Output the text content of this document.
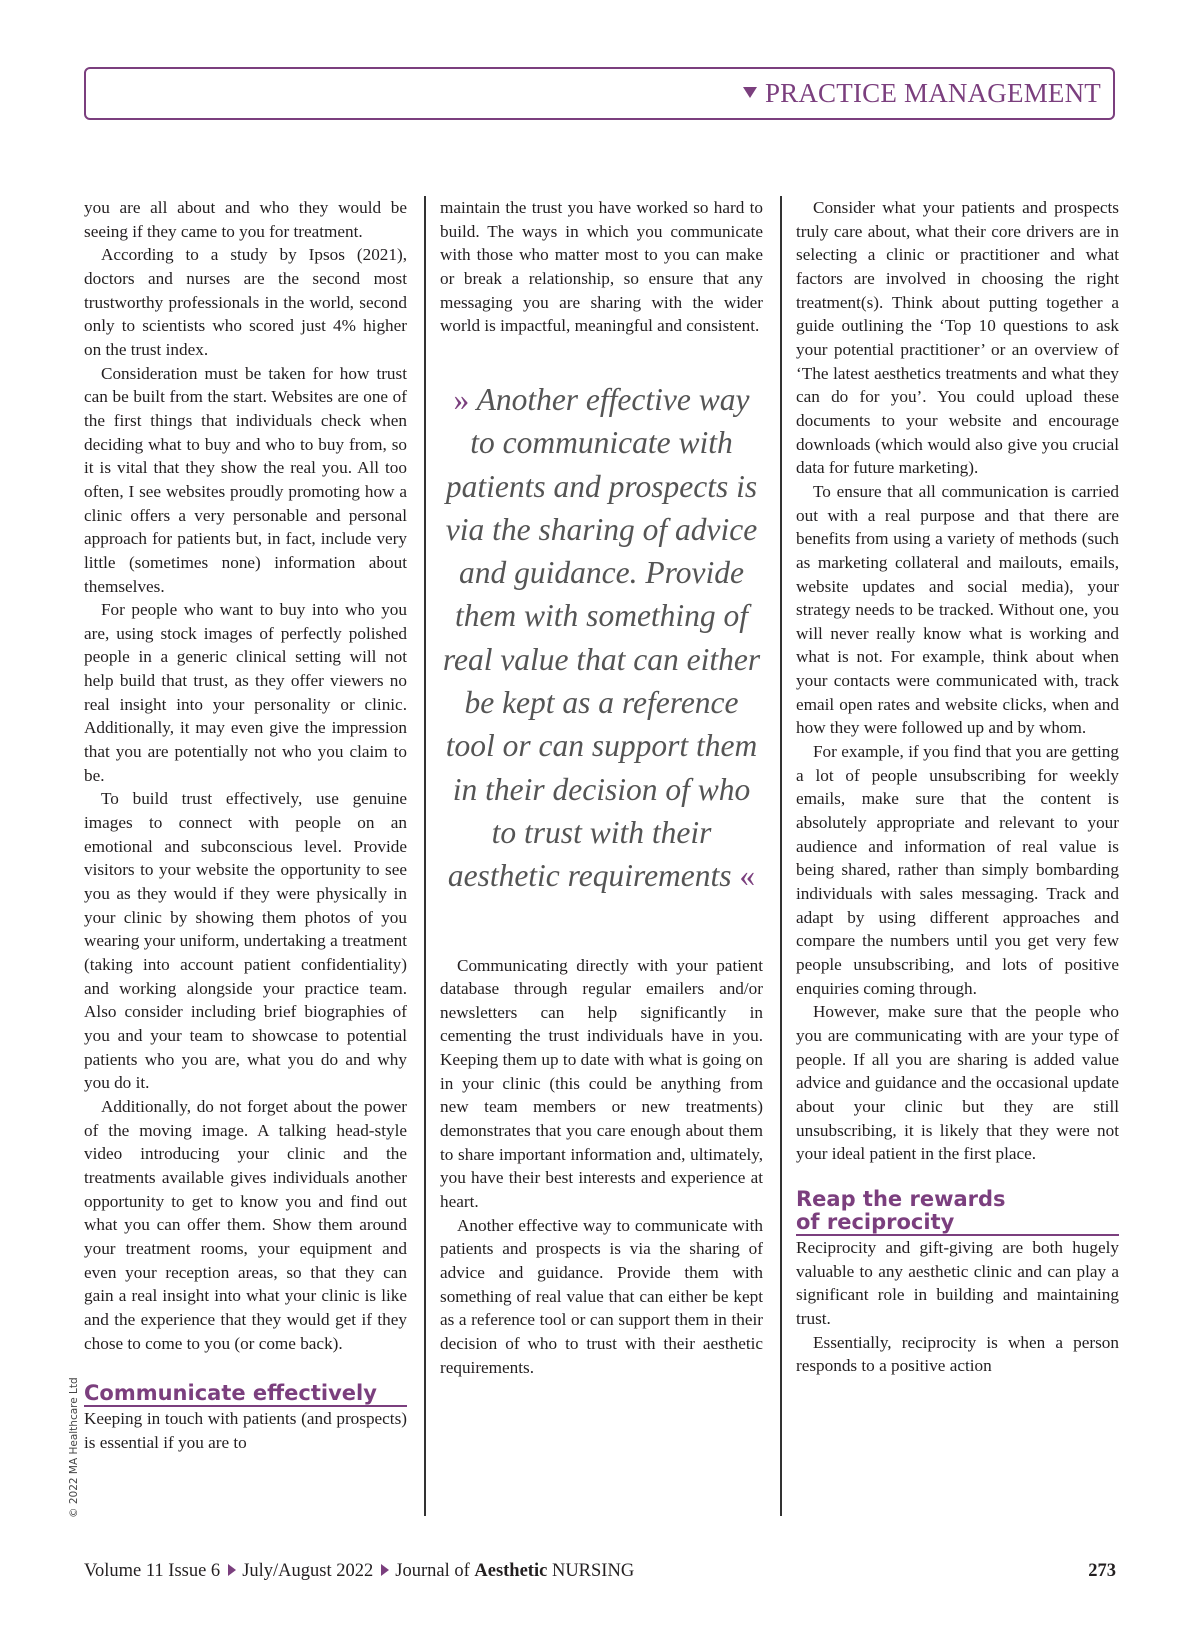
PRACTICE MANAGEMENT

you are all about and who they would be seeing if they came to you for treatment.

According to a study by Ipsos (2021), doctors and nurses are the second most trustworthy professionals in the world, second only to scientists who scored just 4% higher on the trust index.

Consideration must be taken for how trust can be built from the start. Websites are one of the first things that individuals check when deciding what to buy and who to buy from, so it is vital that they show the real you. All too often, I see websites proudly promoting how a clinic offers a very personable and personal approach for patients but, in fact, include very little (sometimes none) information about themselves.

For people who want to buy into who you are, using stock images of perfectly polished people in a generic clinical setting will not help build that trust, as they offer viewers no real insight into your personality or clinic. Additionally, it may even give the impression that you are potentially not who you claim to be.

To build trust effectively, use genuine images to connect with people on an emotional and subconscious level. Provide visitors to your website the opportunity to see you as they would if they were physically in your clinic by showing them photos of you wearing your uniform, undertaking a treatment (taking into account patient confidentiality) and working alongside your practice team. Also consider including brief biographies of you and your team to showcase to potential patients who you are, what you do and why you do it.

Additionally, do not forget about the power of the moving image. A talking head-style video introducing your clinic and the treatments available gives individuals another opportunity to get to know you and find out what you can offer them. Show them around your treatment rooms, your equipment and even your reception areas, so that they can gain a real insight into what your clinic is like and the experience that they would get if they chose to come to you (or come back).

Communicate effectively

Keeping in touch with patients (and prospects) is essential if you are to

maintain the trust you have worked so hard to build. The ways in which you communicate with those who matter most to you can make or break a relationship, so ensure that any messaging you are sharing with the wider world is impactful, meaningful and consistent.

» Another effective way to communicate with patients and prospects is via the sharing of advice and guidance. Provide them with something of real value that can either be kept as a reference tool or can support them in their decision of who to trust with their aesthetic requirements «

Communicating directly with your patient database through regular emailers and/or newsletters can help significantly in cementing the trust individuals have in you. Keeping them up to date with what is going on in your clinic (this could be anything from new team members or new treatments) demonstrates that you care enough about them to share important information and, ultimately, you have their best interests and experience at heart.

Another effective way to communicate with patients and prospects is via the sharing of advice and guidance. Provide them with something of real value that can either be kept as a reference tool or can support them in their decision of who to trust with their aesthetic requirements.

Consider what your patients and prospects truly care about, what their core drivers are in selecting a clinic or practitioner and what factors are involved in choosing the right treatment(s). Think about putting together a guide outlining the ‘Top 10 questions to ask your potential practitioner’ or an overview of ‘The latest aesthetics treatments and what they can do for you’. You could upload these documents to your website and encourage downloads (which would also give you crucial data for future marketing).

To ensure that all communication is carried out with a real purpose and that there are benefits from using a variety of methods (such as marketing collateral and mailouts, emails, website updates and social media), your strategy needs to be tracked. Without one, you will never really know what is working and what is not. For example, think about when your contacts were communicated with, track email open rates and website clicks, when and how they were followed up and by whom.

For example, if you find that you are getting a lot of people unsubscribing for weekly emails, make sure that the content is absolutely appropriate and relevant to your audience and information of real value is being shared, rather than simply bombarding individuals with sales messaging. Track and adapt by using different approaches and compare the numbers until you get very few people unsubscribing, and lots of positive enquiries coming through.

However, make sure that the people who you are communicating with are your type of people. If all you are sharing is added value advice and guidance and the occasional update about your clinic but they are still unsubscribing, it is likely that they were not your ideal patient in the first place.

Reap the rewards
of reciprocity

Reciprocity and gift-giving are both hugely valuable to any aesthetic clinic and can play a significant role in building and maintaining trust.

Essentially, reciprocity is when a person responds to a positive action

© 2022 MA Healthcare Ltd
Volume 11 Issue 6 July/August 2022 Journal of Aesthetic NURSING	273
